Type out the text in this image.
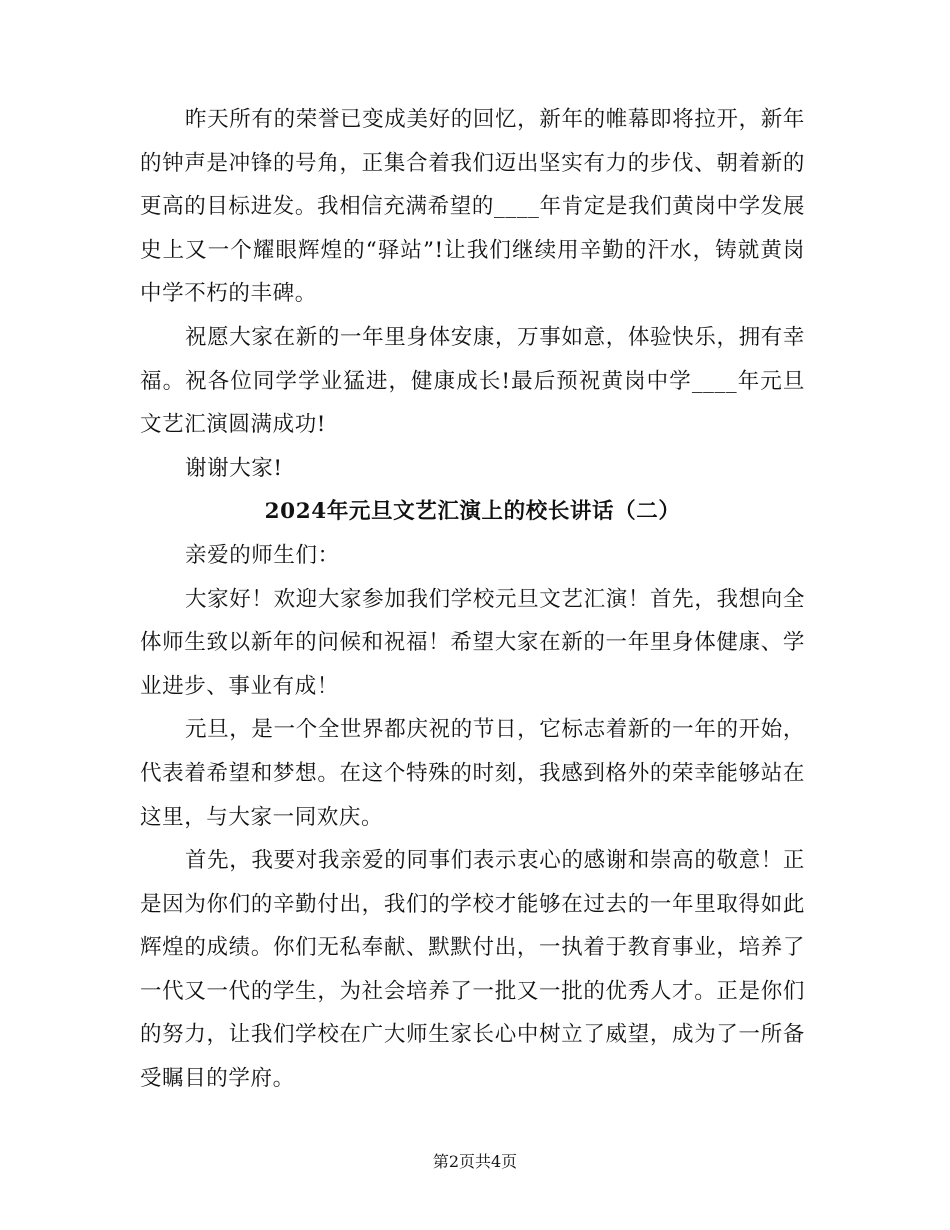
昨天所有的荣誉已变成美好的回忆，新年的帷幕即将拉开，新年的钟声是冲锋的号角，正集合着我们迈出坚实有力的步伐、朝着新的更高的目标进发。我相信充满希望的____年肯定是我们黄岗中学发展史上又一个耀眼辉煌的“驿站”!让我们继续用辛勤的汗水，铸就黄岗中学不朽的丰碑。

祝愿大家在新的一年里身体安康，万事如意，体验快乐，拥有幸福。祝各位同学学业猛进，健康成长!最后预祝黄岗中学____年元旦文艺汇演圆满成功!

谢谢大家!

2024年元旦文艺汇演上的校长讲话（二）

亲爱的师生们：

大家好！欢迎大家参加我们学校元旦文艺汇演！首先，我想向全体师生致以新年的问候和祝福！希望大家在新的一年里身体健康、学业进步、事业有成！

元旦，是一个全世界都庆祝的节日，它标志着新的一年的开始，代表着希望和梦想。在这个特殊的时刻，我感到格外的荣幸能够站在这里，与大家一同欢庆。

首先，我要对我亲爱的同事们表示衷心的感谢和崇高的敬意！正是因为你们的辛勤付出，我们的学校才能够在过去的一年里取得如此辉煌的成绩。你们无私奉献、默默付出，一执着于教育事业，培养了一代又一代的学生，为社会培养了一批又一批的优秀人才。正是你们的努力，让我们学校在广大师生家长心中树立了威望，成为了一所备受瞩目的学府。

第2页共4页
